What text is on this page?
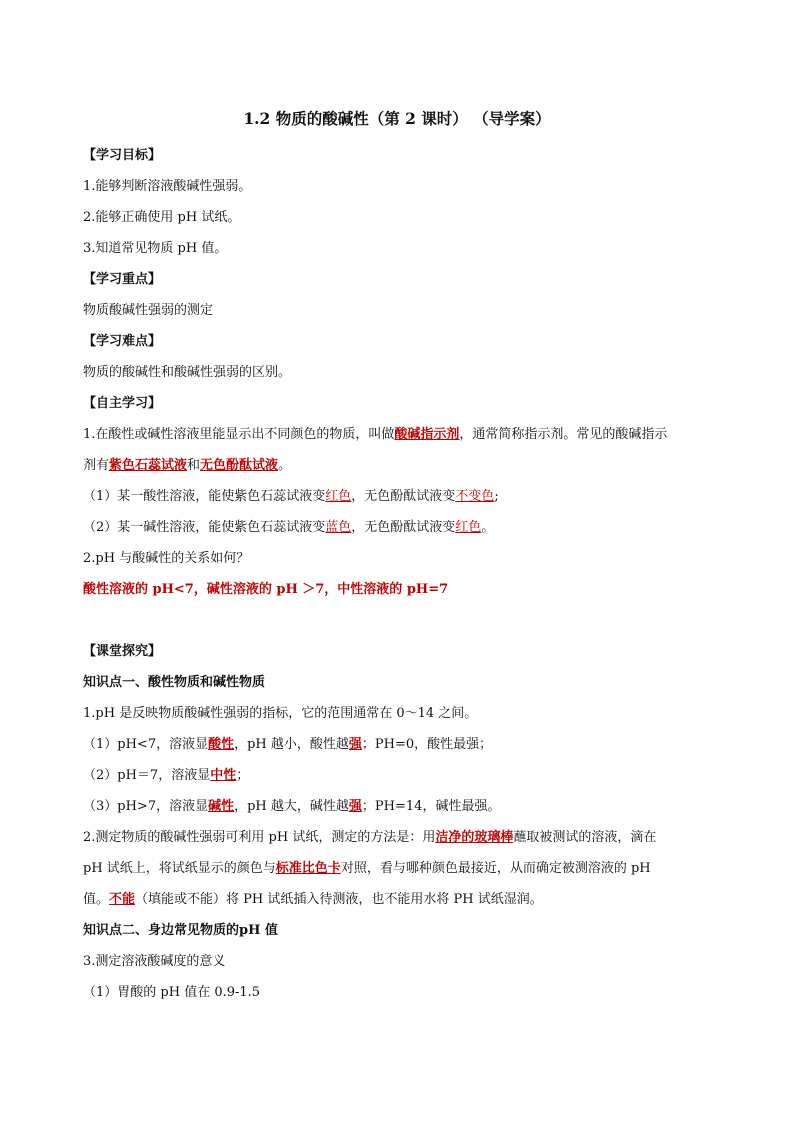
1.2 物质的酸碱性（第 2 课时） （导学案）
【学习目标】
1.能够判断溶液酸碱性强弱。
2.能够正确使用 pH 试纸。
3.知道常见物质 pH 值。
【学习重点】
物质酸碱性强弱的测定
【学习难点】
物质的酸碱性和酸碱性强弱的区别。
【自主学习】
1.在酸性或碱性溶液里能显示出不同颜色的物质，叫做酸碱指示剂，通常简称指示剂。常见的酸碱指示
剂有紫色石蕊试液和无色酚酞试液。
（1）某一酸性溶液，能使紫色石蕊试液变红色，无色酚酞试液变不变色;
（2）某一碱性溶液，能使紫色石蕊试液变蓝色，无色酚酞试液变红色。
2.pH 与酸碱性的关系如何？
酸性溶液的 pH<7，碱性溶液的 pH ＞7，中性溶液的 pH=7
【课堂探究】
知识点一、酸性物质和碱性物质
1.pH 是反映物质酸碱性强弱的指标，它的范围通常在 0～14 之间。
（1）pH<7，溶液显酸性，pH 越小，酸性越强；PH=0，酸性最强；
（2）pH＝7，溶液显中性；
（3）pH>7，溶液显碱性，pH 越大，碱性越强；PH=14，碱性最强。
2.测定物质的酸碱性强弱可利用 pH 试纸，测定的方法是：用洁净的玻璃棒蘸取被测试的溶液，滴在
pH 试纸上，将试纸显示的颜色与标准比色卡对照，看与哪种颜色最接近，从而确定被测溶液的 pH
值。不能（填能或不能）将 PH 试纸插入待测液，也不能用水将 PH 试纸湿润。
知识点二、身边常见物质的pH 值
3.测定溶液酸碱度的意义
（1）胃酸的 pH 值在 0.9-1.5
